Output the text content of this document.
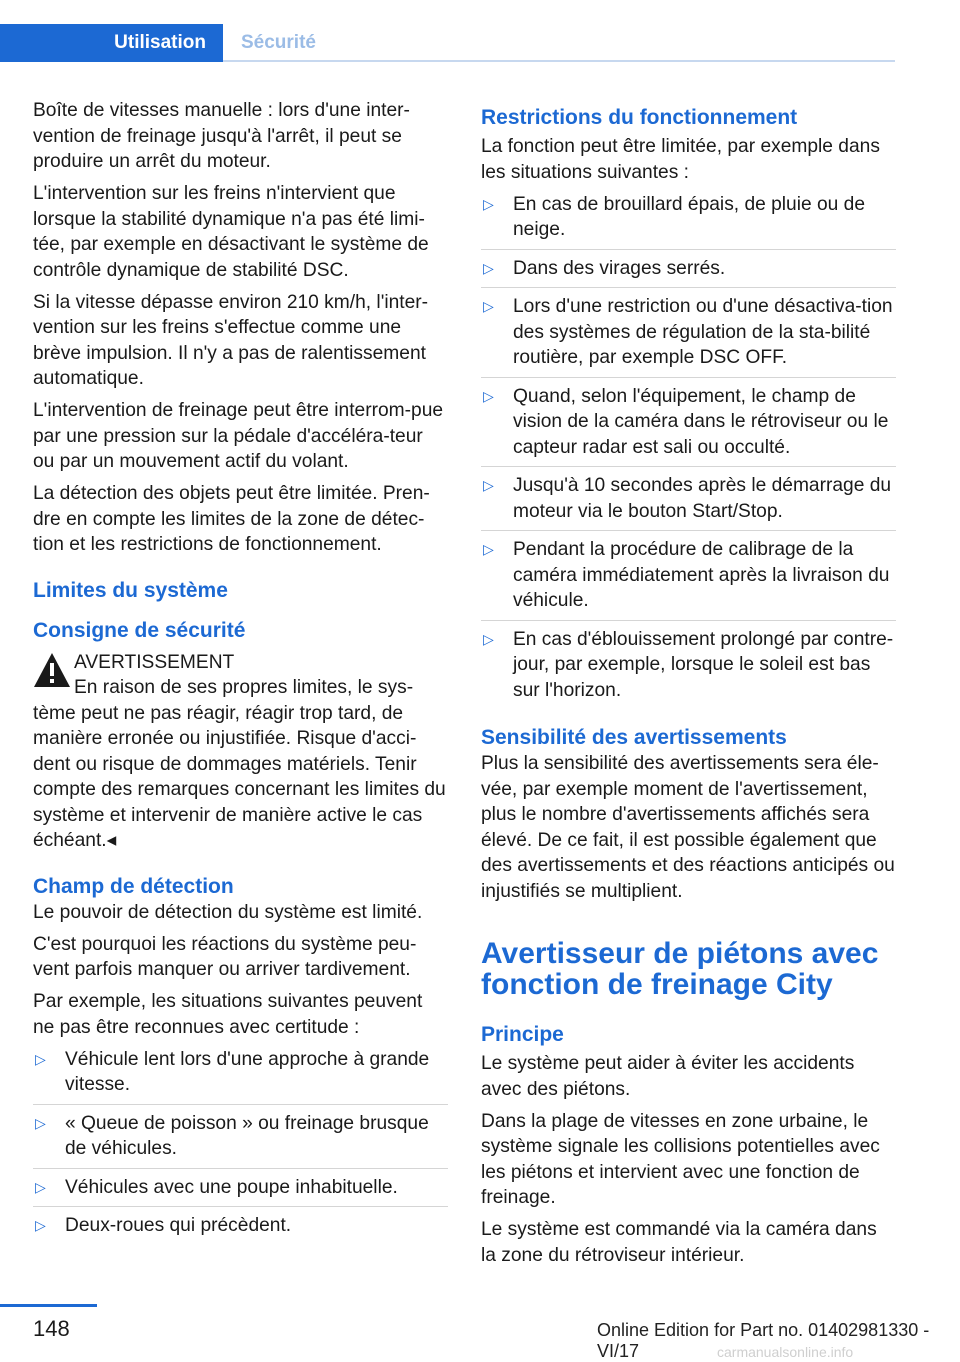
Utilisation	Sécurité

Boîte de vitesses manuelle : lors d'une inter-vention de freinage jusqu'à l'arrêt, il peut se produire un arrêt du moteur.

L'intervention sur les freins n'intervient que lorsque la stabilité dynamique n'a pas été limi-tée, par exemple en désactivant le système de contrôle dynamique de stabilité DSC.

Si la vitesse dépasse environ 210 km/h, l'inter-vention sur les freins s'effectue comme une brève impulsion. Il n'y a pas de ralentissement automatique.

L'intervention de freinage peut être interrom-pue par une pression sur la pédale d'accéléra-teur ou par un mouvement actif du volant.

La détection des objets peut être limitée. Pren-dre en compte les limites de la zone de détec-tion et les restrictions de fonctionnement.

Limites du système
Consigne de sécurité
AVERTISSEMENT
En raison de ses propres limites, le sys-

tème peut ne pas réagir, réagir trop tard, de manière erronée ou injustifiée. Risque d'acci-dent ou risque de dommages matériels. Tenir compte des remarques concernant les limites du système et intervenir de manière active le cas échéant.◂

Champ de détection

Le pouvoir de détection du système est limité.

C'est pourquoi les réactions du système peu-vent parfois manquer ou arriver tardivement.

Par exemple, les situations suivantes peuvent ne pas être reconnues avec certitude :

▷ Véhicule lent lors d'une approche à grande vitesse.
▷ « Queue de poisson » ou freinage brusque de véhicules.
▷ Véhicules avec une poupe inhabituelle.
▷ Deux-roues qui précèdent.
Restrictions du fonctionnement

La fonction peut être limitée, par exemple dans les situations suivantes :

▷ En cas de brouillard épais, de pluie ou de neige.
▷ Dans des virages serrés.
▷ Lors d'une restriction ou d'une désactiva-tion des systèmes de régulation de la sta-bilité routière, par exemple DSC OFF.
▷ Quand, selon l'équipement, le champ de vision de la caméra dans le rétroviseur ou le capteur radar est sali ou occulté.
▷ Jusqu'à 10 secondes après le démarrage du moteur via le bouton Start/Stop.
▷ Pendant la procédure de calibrage de la caméra immédiatement après la livraison du véhicule.
▷ En cas d'éblouissement prolongé par contre-jour, par exemple, lorsque le soleil est bas sur l'horizon.
Sensibilité des avertissements

Plus la sensibilité des avertissements sera éle-vée, par exemple moment de l'avertissement, plus le nombre d'avertissements affichés sera élevé. De ce fait, il est possible également que des avertissements et des réactions anticipés ou injustifiés se multiplient.

Avertisseur de piétons avec fonction de freinage City
Principe

Le système peut aider à éviter les accidents avec des piétons.

Dans la plage de vitesses en zone urbaine, le système signale les collisions potentielles avec les piétons et intervient avec une fonction de freinage.

Le système est commandé via la caméra dans la zone du rétroviseur intérieur.

148	Online Edition for Part no. 01402981330 - VI/17	carmanualsonline.info
